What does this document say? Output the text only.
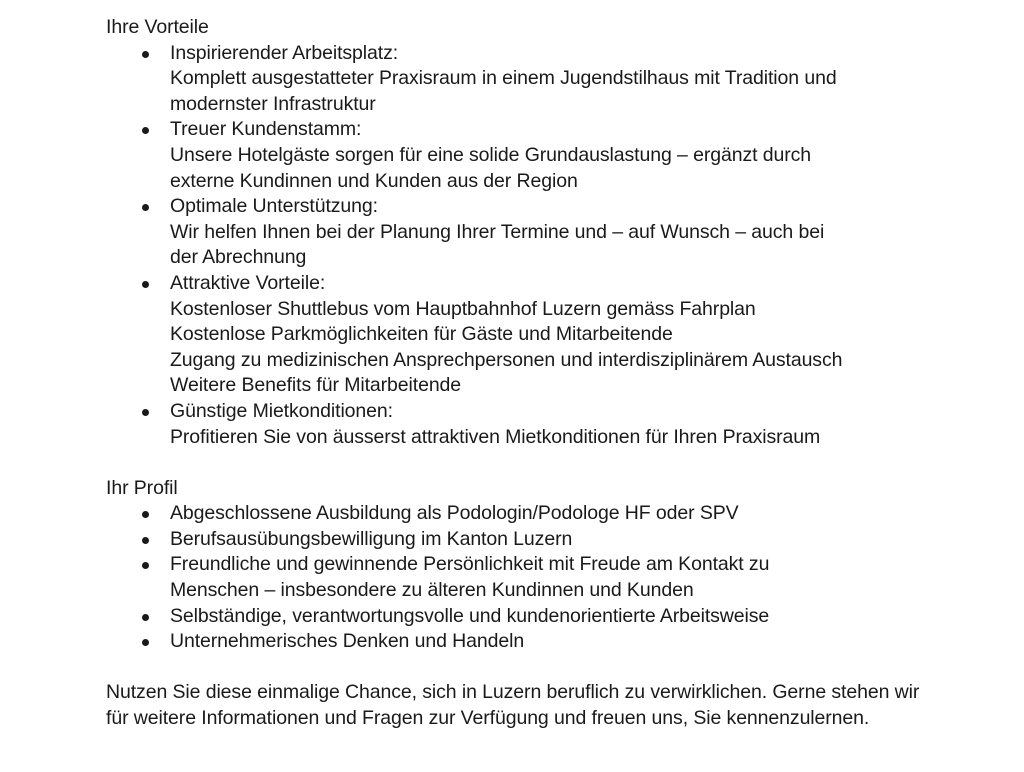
Ihre Vorteile
Inspirierender Arbeitsplatz:
Komplett ausgestatteter Praxisraum in einem Jugendstilhaus mit Tradition und
modernster Infrastruktur
Treuer Kundenstamm:
Unsere Hotelgäste sorgen für eine solide Grundauslastung – ergänzt durch
externe Kundinnen und Kunden aus der Region
Optimale Unterstützung:
Wir helfen Ihnen bei der Planung Ihrer Termine und – auf Wunsch – auch bei
der Abrechnung
Attraktive Vorteile:
Kostenloser Shuttlebus vom Hauptbahnhof Luzern gemäss Fahrplan
Kostenlose Parkmöglichkeiten für Gäste und Mitarbeitende
Zugang zu medizinischen Ansprechpersonen und interdisziplinärem Austausch
Weitere Benefits für Mitarbeitende
Günstige Mietkonditionen:
Profitieren Sie von äusserst attraktiven Mietkonditionen für Ihren Praxisraum
Ihr Profil
Abgeschlossene Ausbildung als Podologin/Podologe HF oder SPV
Berufsausübungsbewilligung im Kanton Luzern
Freundliche und gewinnende Persönlichkeit mit Freude am Kontakt zu
Menschen – insbesondere zu älteren Kundinnen und Kunden
Selbständige, verantwortungsvolle und kundenorientierte Arbeitsweise
Unternehmerisches Denken und Handeln

Nutzen Sie diese einmalige Chance, sich in Luzern beruflich zu verwirklichen. Gerne stehen wir für weitere Informationen und Fragen zur Verfügung und freuen uns, Sie kennenzulernen.
